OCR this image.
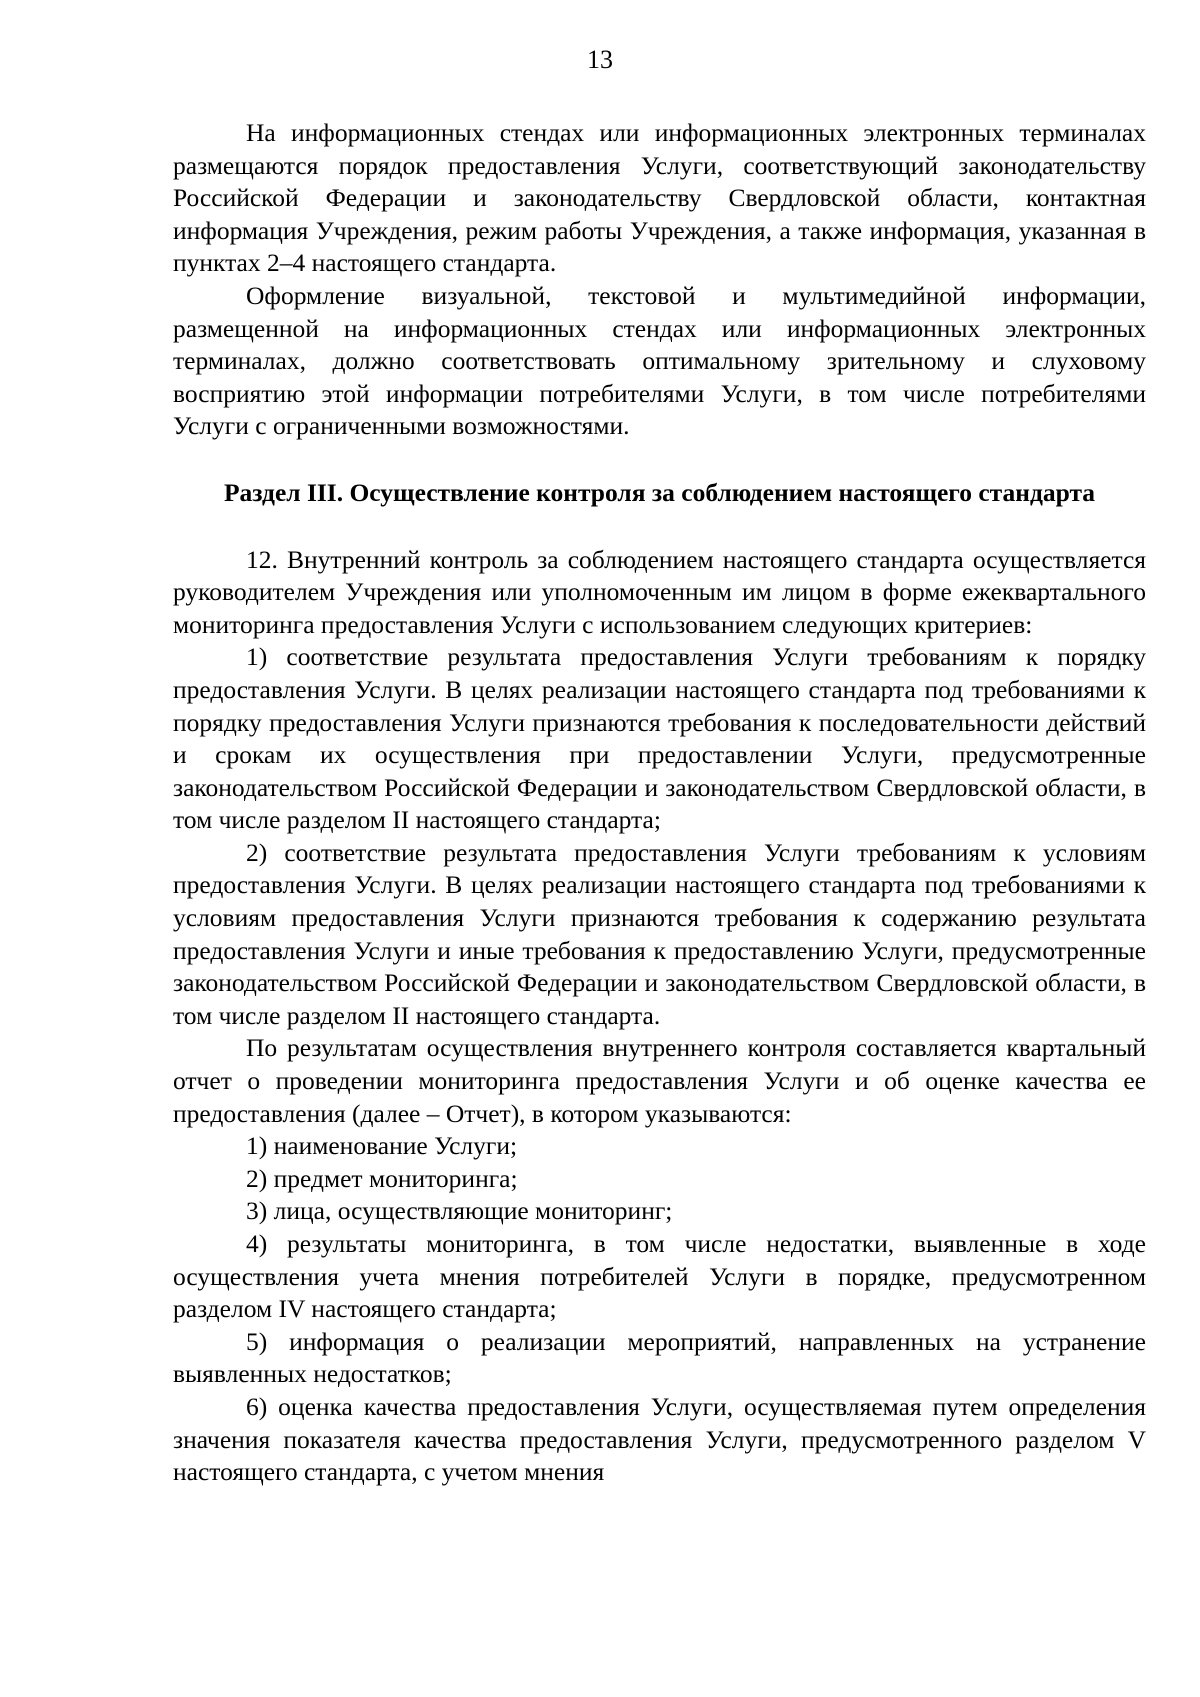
13

На информационных стендах или информационных электронных терминалах размещаются порядок предоставления Услуги, соответствующий законодательству Российской Федерации и законодательству Свердловской области, контактная информация Учреждения, режим работы Учреждения, а также информация, указанная в пунктах 2–4 настоящего стандарта.

Оформление визуальной, текстовой и мультимедийной информации, размещенной на информационных стендах или информационных электронных терминалах, должно соответствовать оптимальному зрительному и слуховому восприятию этой информации потребителями Услуги, в том числе потребителями Услуги с ограниченными возможностями.

Раздел III. Осуществление контроля за соблюдением настоящего стандарта

12. Внутренний контроль за соблюдением настоящего стандарта осуществляется руководителем Учреждения или уполномоченным им лицом в форме ежеквартального мониторинга предоставления Услуги с использованием следующих критериев:

1) соответствие результата предоставления Услуги требованиям к порядку предоставления Услуги. В целях реализации настоящего стандарта под требованиями к порядку предоставления Услуги признаются требования к последовательности действий и срокам их осуществления при предоставлении Услуги, предусмотренные законодательством Российской Федерации и законодательством Свердловской области, в том числе разделом II настоящего стандарта;

2) соответствие результата предоставления Услуги требованиям к условиям предоставления Услуги. В целях реализации настоящего стандарта под требованиями к условиям предоставления Услуги признаются требования к содержанию результата предоставления Услуги и иные требования к предоставлению Услуги, предусмотренные законодательством Российской Федерации и законодательством Свердловской области, в том числе разделом II настоящего стандарта.

По результатам осуществления внутреннего контроля составляется квартальный отчет о проведении мониторинга предоставления Услуги и об оценке качества ее предоставления (далее – Отчет), в котором указываются:

1) наименование Услуги;

2) предмет мониторинга;

3) лица, осуществляющие мониторинг;

4) результаты мониторинга, в том числе недостатки, выявленные в ходе осуществления учета мнения потребителей Услуги в порядке, предусмотренном разделом IV настоящего стандарта;

5) информация о реализации мероприятий, направленных на устранение выявленных недостатков;

6) оценка качества предоставления Услуги, осуществляемая путем определения значения показателя качества предоставления Услуги, предусмотренного разделом V настоящего стандарта, с учетом мнения
